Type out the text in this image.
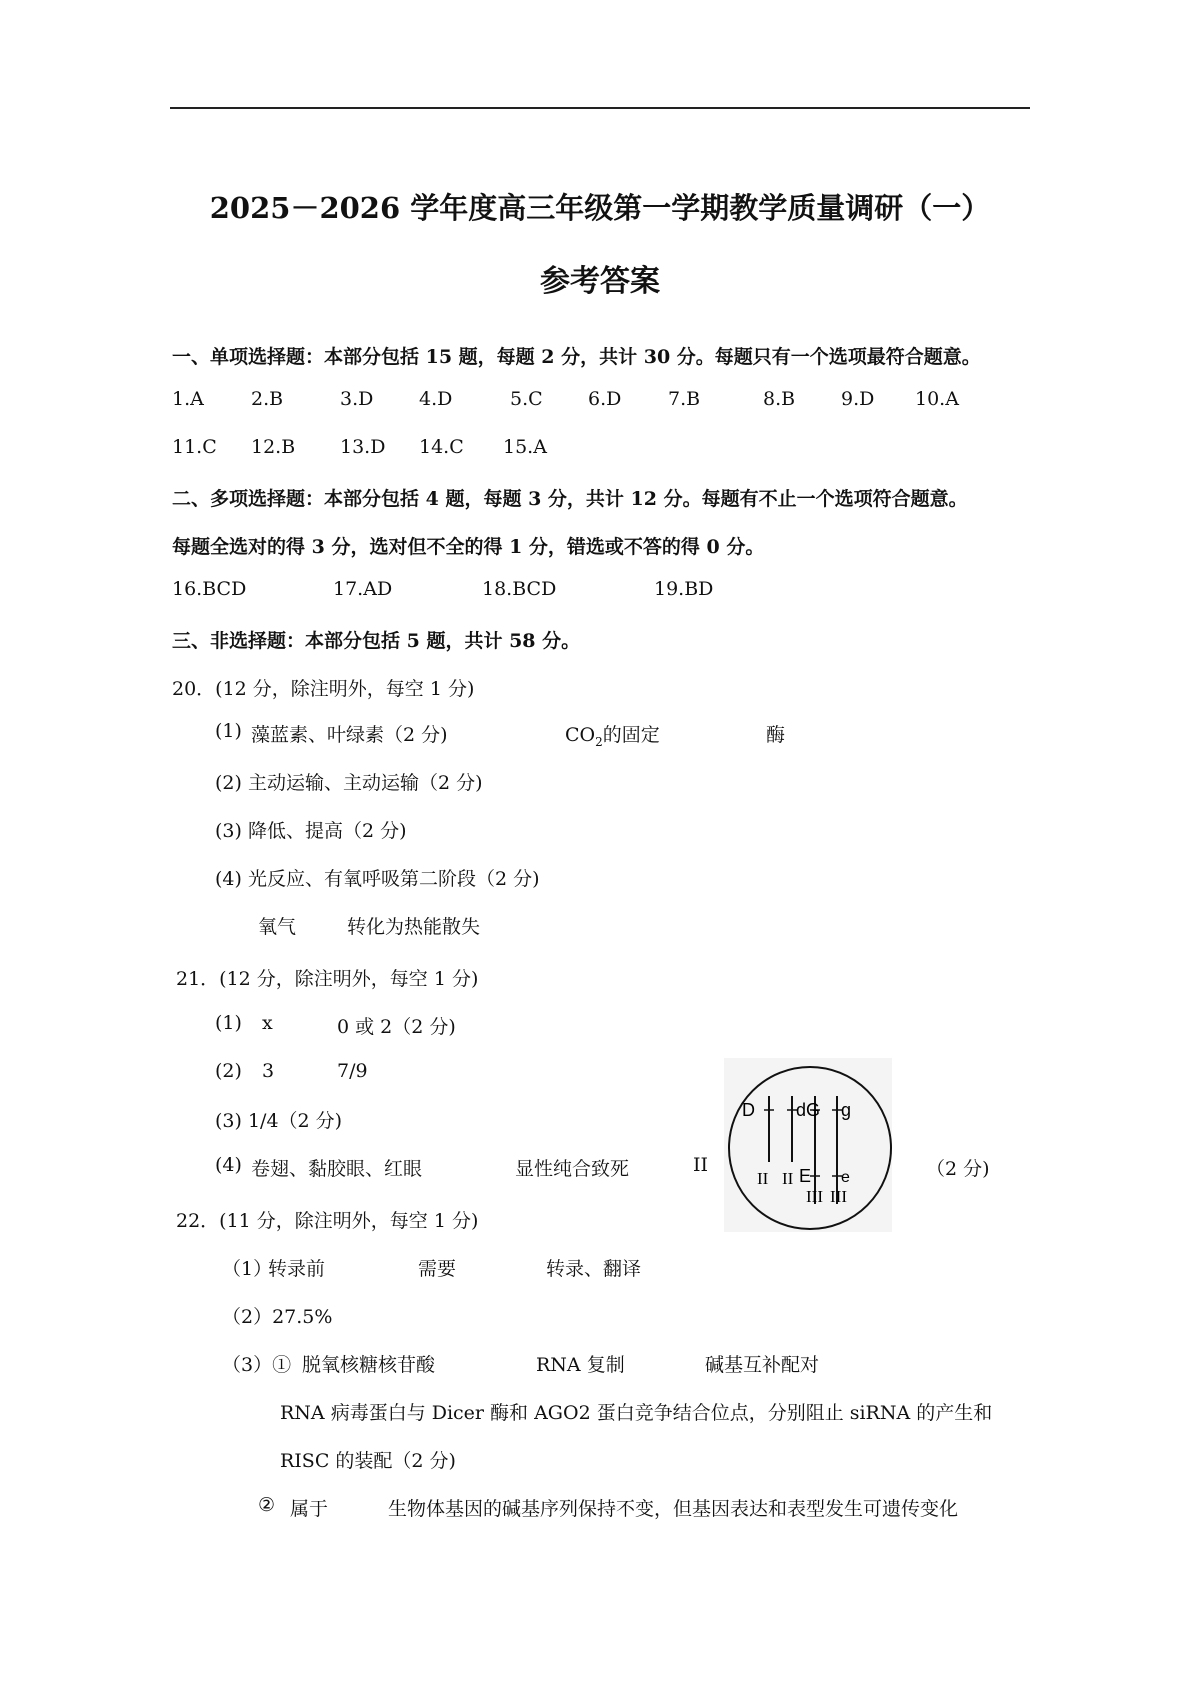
2025－2026 学年度高三年级第一学期教学质量调研（一）
参考答案
一、单项选择题：本部分包括 15 题，每题 2 分，共计 30 分。每题只有一个选项最符合题意。
1.A 2.B	3.D 4.D	5.C 6.D 7.B	8.B 9.D 10.A
11.C 12.B 13.D 14.C 15.A
二、多项选择题：本部分包括 4 题，每题 3 分，共计 12 分。每题有不止一个选项符合题意。
每题全选对的得 3 分，选对但不全的得 1 分，错选或不答的得 0 分。
16.BCD	17.AD	18.BCD	19.BD
三、非选择题：本部分包括 5 题，共计 58 分。
20．(12 分，除注明外，每空 1 分)
(1) 藻蓝素、叶绿素（2 分)	$CO_2$的固定	酶
(2) 主动运输、主动运输（2 分)
(3) 降低、提高（2 分)
(4) 光反应、有氧呼吸第二阶段（2 分)
氧气	转化为热能散失
21．(12 分，除注明外，每空 1 分)
(1) x	0 或 2（2 分)
(2) 3	7/9
(3) 1/4（2 分)
(4) 卷翅、黏胶眼、红眼	显性纯合致死	II	（2 分)
D dG g
E e
II II
III III
22．(11 分，除注明外，每空 1 分)
（1）
转录前	需要	转录、翻译
（2）27.5%
（3）① 脱氧核糖核苷酸	RNA 复制	碱基互补配对
RNA 病毒蛋白与 Dicer 酶和 AGO2 蛋白竞争结合位点，分别阻止 siRNA 的产生和
RISC 的装配（2 分)
② 属于	生物体基因的碱基序列保持不变，但基因表达和表型发生可遗传变化
